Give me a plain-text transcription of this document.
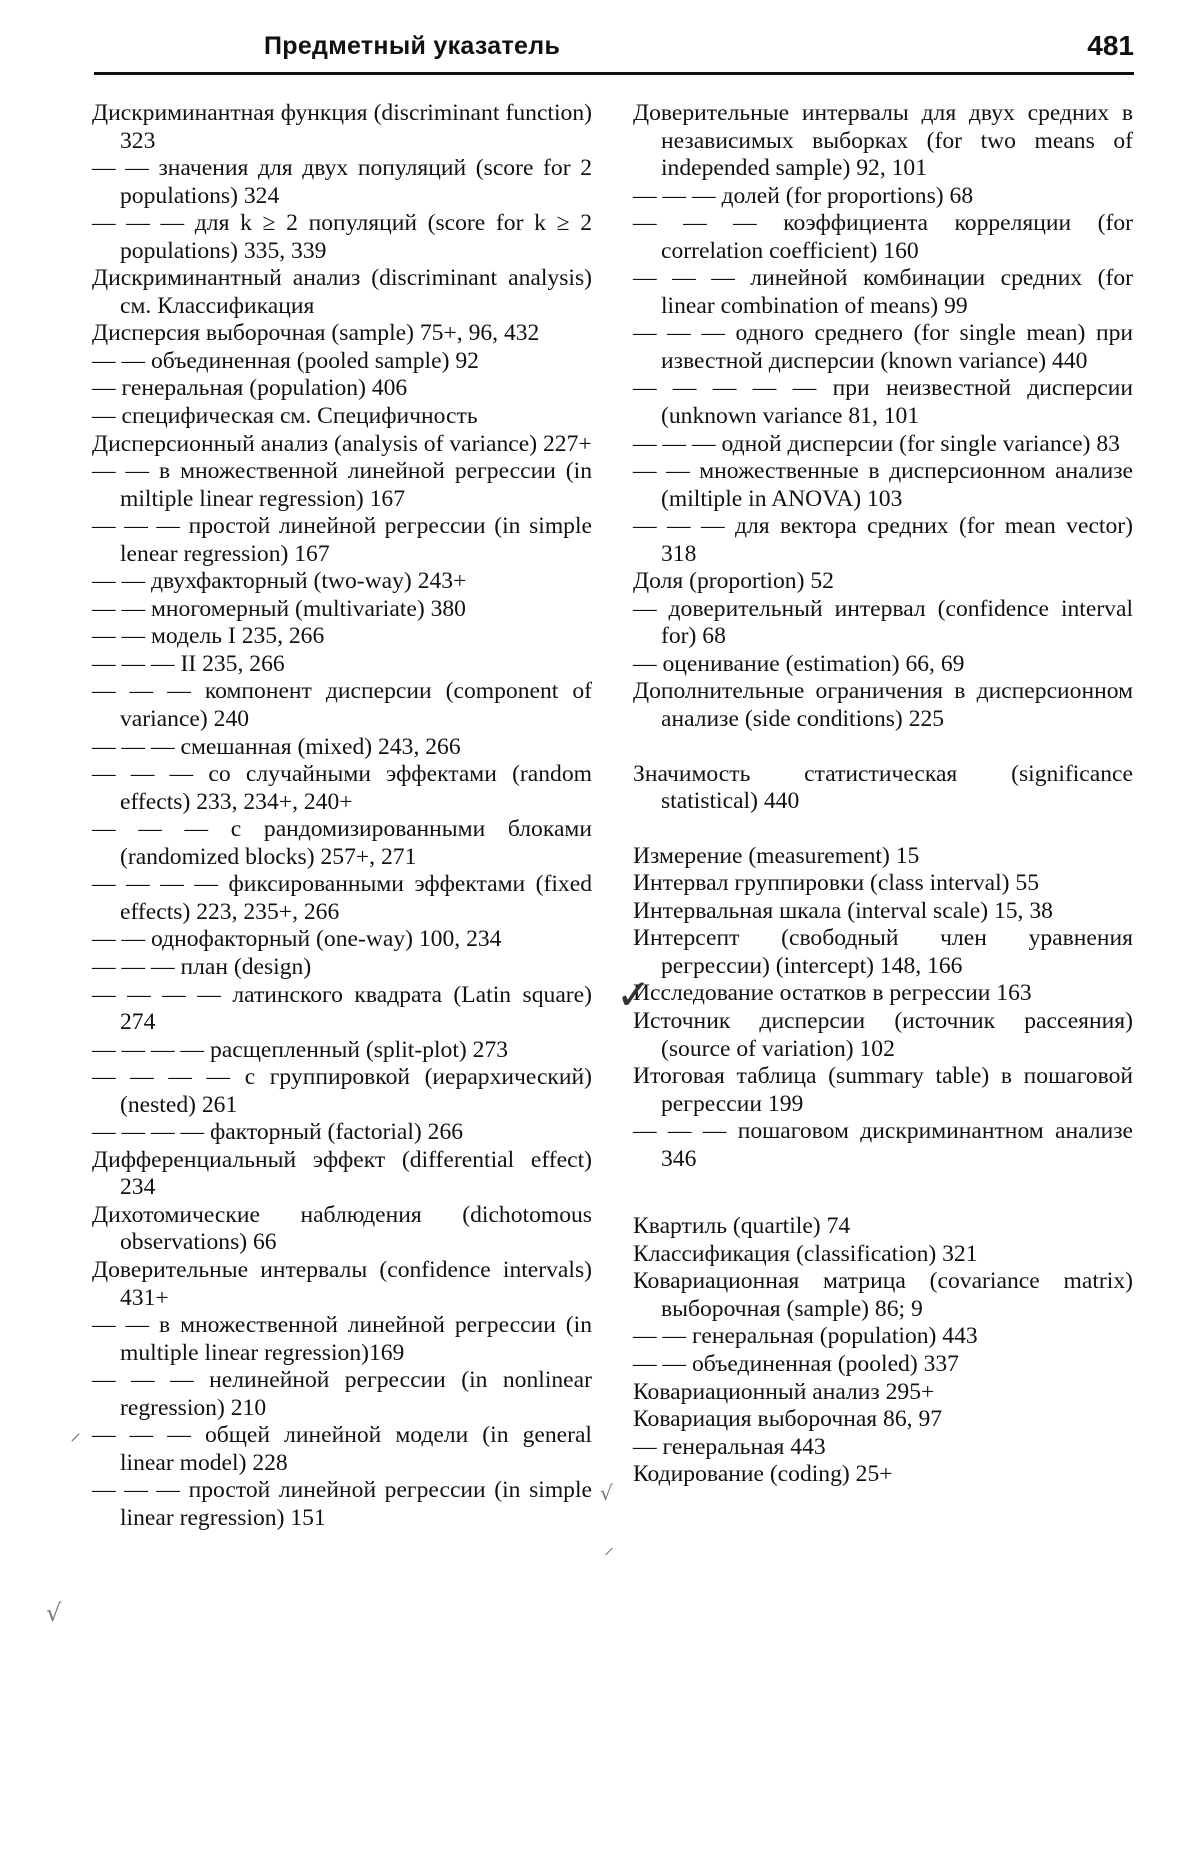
Предметный указатель	481

Дискриминантная функция (discriminant function) 323

— — значения для двух популяций (score for 2 populations) 324

— — — для k ≥ 2 популяций (score for k ≥ 2 populations) 335, 339

Дискриминантный анализ (discriminant analysis) см. Классификация

Дисперсия выборочная (sample) 75+, 96, 432

— — объединенная (pooled sample) 92

— генеральная (population) 406

— специфическая см. Специфичность

Дисперсионный анализ (analysis of variance) 227+

— — в множественной линейной регрессии (in miltiple linear regression) 167

— — — простой линейной регрессии (in simple lenear regression) 167

— — двухфакторный (two-way) 243+

— — многомерный (multivariate) 380

— — модель I 235, 266

— — — II 235, 266

— — — компонент дисперсии (component of variance) 240

— — — смешанная (mixed) 243, 266

— — — со случайными эффектами (random effects) 233, 234+, 240+

— — — с рандомизированными блоками (randomized blocks) 257+, 271

— — — — фиксированными эффектами (fixed effects) 223, 235+, 266

— — однофакторный (one-way) 100, 234

— — — план (design)

— — — — латинского квадрата (Latin square) 274

— — — — расщепленный (split-plot) 273

— — — — с группировкой (иерархический) (nested) 261

— — — — факторный (factorial) 266

Дифференциальный эффект (differential effect) 234

Дихотомические наблюдения (dichotomous observations) 66

Доверительные интервалы (confidence intervals) 431+

— — в множественной линейной регрессии (in multiple linear regression)169

— — — нелинейной регрессии (in nonlinear regression) 210

— — — общей линейной модели (in general linear model) 228

— — — простой линейной регрессии (in simple linear regression) 151

Доверительные интервалы для двух средних в независимых выборках (for two means of independed sample) 92, 101

— — — долей (for proportions) 68

— — — коэффициента корреляции (for correlation coefficient) 160

— — — линейной комбинации средних (for linear combination of means) 99

— — — одного среднего (for single mean) при известной дисперсии (known variance) 440

— — — — — при неизвестной дисперсии (unknown variance 81, 101

— — — одной дисперсии (for single variance) 83

— — множественные в дисперсионном анализе (miltiple in ANOVA) 103

— — — для вектора средних (for mean vector) 318

Доля (proportion) 52

— доверительный интервал (confidence interval for) 68

— оценивание (estimation) 66, 69

Дополнительные ограничения в дисперсионном анализе (side conditions) 225

Значимость статистическая (significance statistical) 440

Измерение (measurement) 15

Интервал группировки (class interval) 55

Интервальная шкала (interval scale) 15, 38

Интерсепт (свободный член уравнения регрессии) (intercept) 148, 166

Исследование остатков в регрессии 163

Источник дисперсии (источник рассеяния) (source of variation) 102

Итоговая таблица (summary table) в пошаговой регрессии 199

— — — пошаговом дискриминантном анализе 346

Квартиль (quartile) 74

Классификация (classification) 321

Ковариационная матрица (covariance matrix) выборочная (sample) 86; 9

— — генеральная (population) 443

— — объединенная (pooled) 337

Ковариационный анализ 295+

Ковариация выборочная 86, 97

— генеральная 443

Кодирование (coding) 25+

✓
⸍
√
√
⸍
